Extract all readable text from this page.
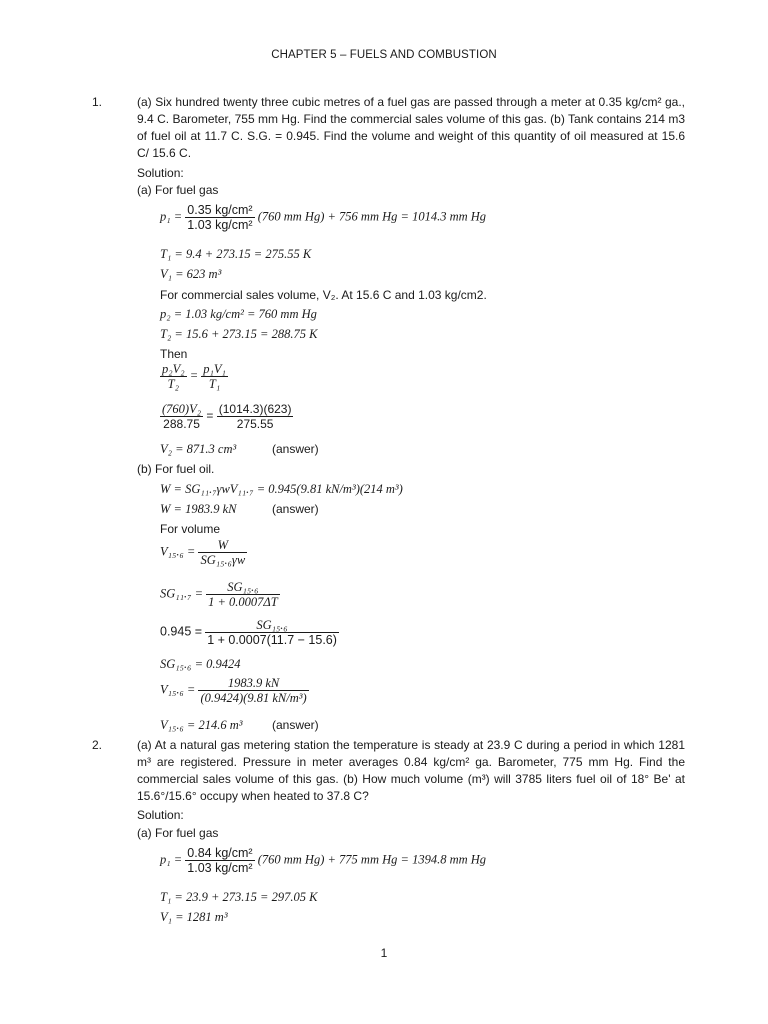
CHAPTER 5 – FUELS AND COMBUSTION
1.	(a) Six hundred twenty three cubic metres of a fuel gas are passed through a meter at 0.35 kg/cm² ga., 9.4 C. Barometer, 755 mm Hg. Find the commercial sales volume of this gas. (b) Tank contains 214 m3 of fuel oil at 11.7 C. S.G. = 0.945. Find the volume and weight of this quantity of oil measured at 15.6 C/ 15.6 C.
Solution:
(a) For fuel gas
$p_1 = \frac{\text{0.35 kg/cm²}}{\text{1.03 kg/cm²}} (760$ mm Hg) + 756 mm Hg = 1014.3 mm Hg
T₁ = 9.4 + 273.15 = 275.55 K
V₁ = 623 m³
For commercial sales volume, V₂. At 15.6 C and 1.03 kg/cm2.
p₂ = 1.03 kg/cm² = 760 mm Hg
T₂ = 15.6 + 273.15 = 288.75 K
Then
$\frac{\text{p₂V₂}}{\text{T₂}} = \frac{\text{p₁V₁}}{\text{T₁}}$
$\frac{\text{(760)V₂}}{288.75} = \frac{(1014.3)(623)}{275.55}$
V₂ = 871.3 cm³	(answer)
(b) For fuel oil.
W = SG₁₁.₇γwV₁₁.₇ = 0.945(9.81 kN/m³)(214 m³)
W = 1983.9 kN	(answer)
For volume
$V_{15}._6 = \frac{W}{\text{SG₁₅.₆γw}}$
$SG_{11}._7 = \frac{\text{SG₁₅.₆}}{1 + 0.0007\Delta T}$
$0.945 = \frac{\text{SG₁₅.₆}}{1 + 0.0007(11.7 - 15.6)}$
SG₁₅.₆ = 0.9424
$V_{15}._6 = \frac{1983.9 kN}{\text{(0.9424)(9.81 kN/m³)}}$
V₁₅.₆ = 214.6 m³ (answer)
2.	(a) At a natural gas metering station the temperature is steady at 23.9 C during a period in which 1281 m³ are registered. Pressure in meter averages 0.84 kg/cm² ga. Barometer, 775 mm Hg. Find the commercial sales volume of this gas. (b) How much volume (m³) will 3785 liters fuel oil of 18° Be' at 15.6°/15.6° occupy when heated to 37.8 C?
Solution:
(a) For fuel gas
$p_1 = \frac{\text{0.84 kg/cm²}}{\text{1.03 kg/cm²}} (760$ mm Hg) + 775 mm Hg = 1394.8 mm Hg
T₁ = 23.9 + 273.15 = 297.05 K
V₁ = 1281 m³
1
